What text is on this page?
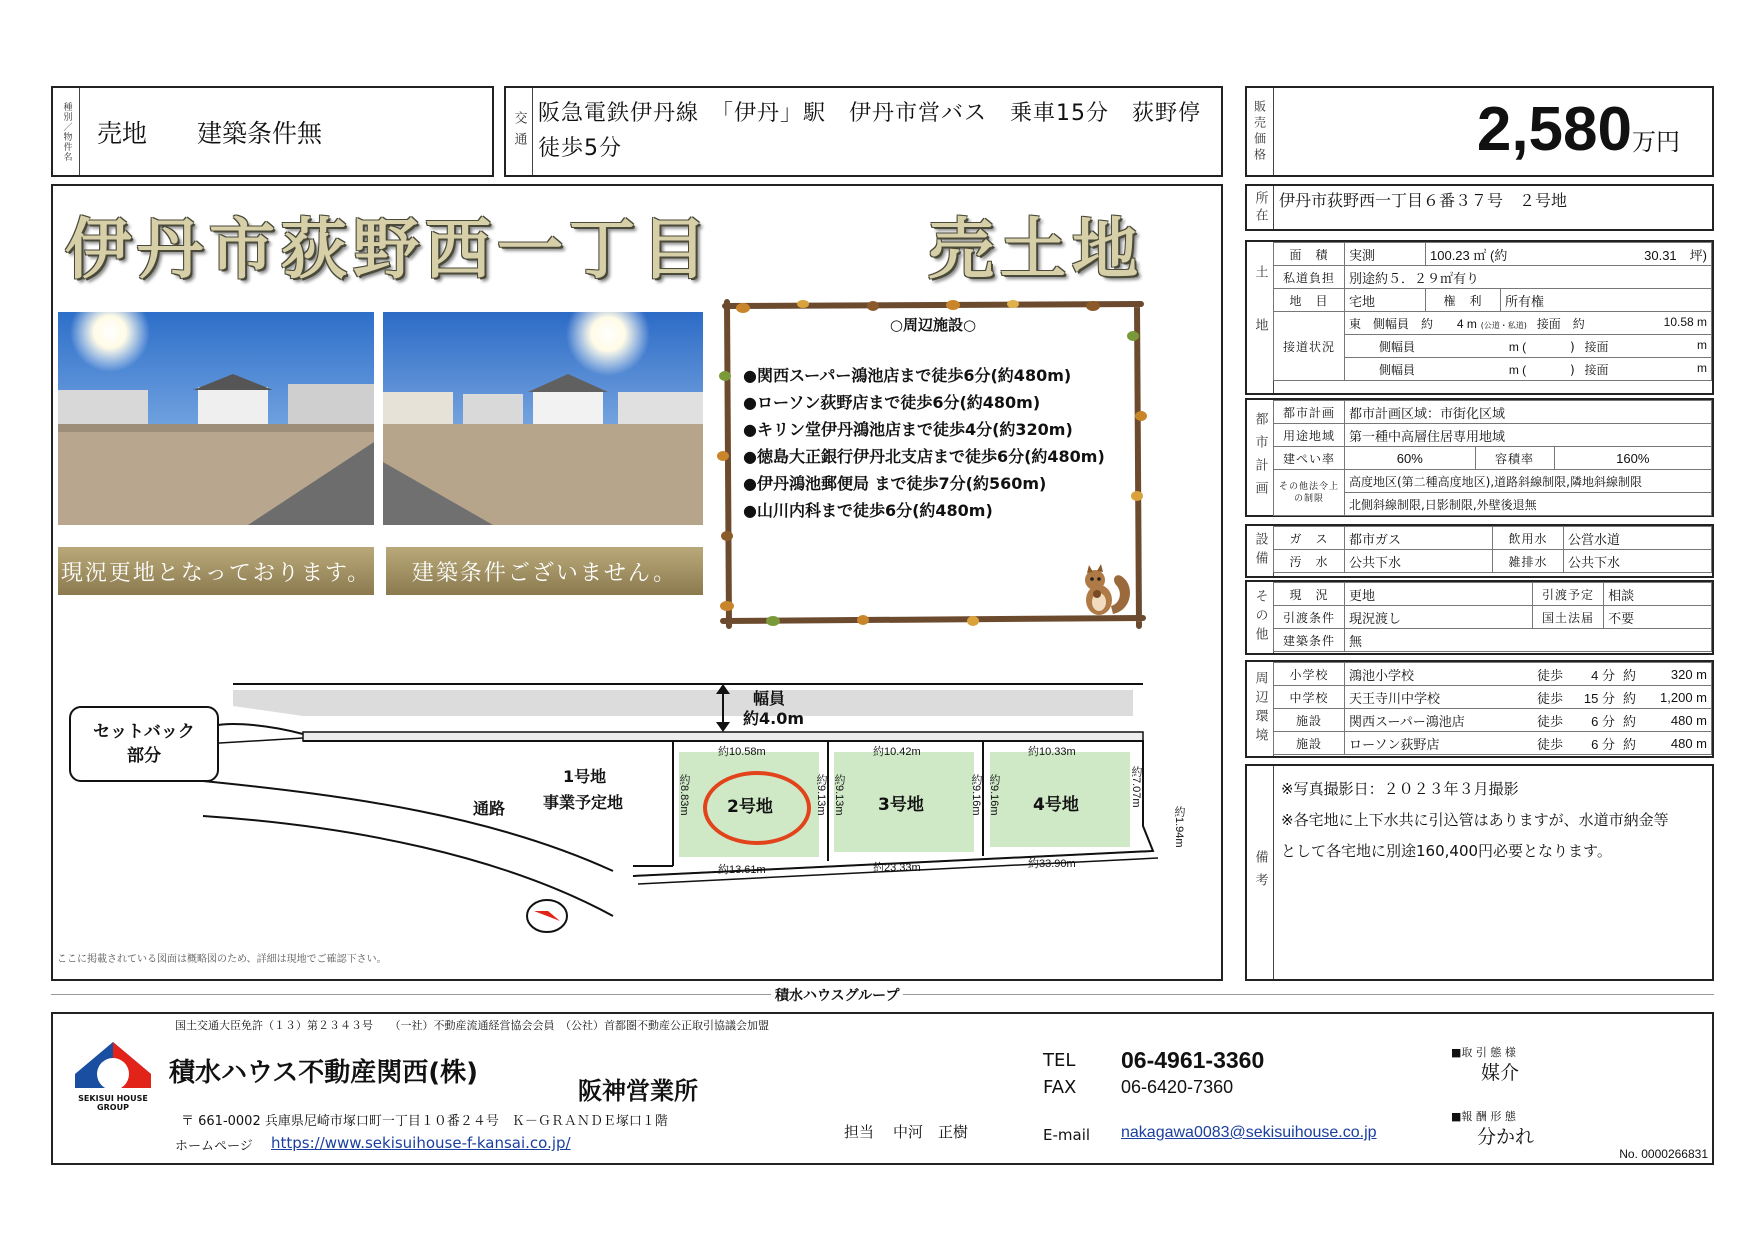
種別／物件名	売地　　建築条件無	交通 阪急電鉄伊丹線　「伊丹」駅　伊丹市営バス　乗車15分　荻野停　徒歩5分	販売価格	2,580 万円
伊丹市荻野西一丁目	売土地
現況更地となっております。	建築条件ございません。
○周辺施設○
●関西スーパー鴻池店まで徒歩6分(約480m)
●ローソン荻野店まで徒歩6分(約480m)
●キリン堂伊丹鴻池店まで徒歩4分(約320m)
●徳島大正銀行伊丹北支店まで徒歩6分(約480m)
●伊丹鴻池郵便局 まで徒歩7分(約560m)
●山川内科まで徒歩6分(約480m)
幅員
約4.0m
セットバック
部分
通路
1号地
事業予定地	2号地	3号地	4号地
約10.58m
約13.61m
約8.83m	約9.13m
約10.42m
約23.33m
約9.13m	約9.16m
約10.33m
約33.90m
約9.16m	約7.07m
約1.94m
ここに掲載されている図面は概略図のため、詳細は現地でご確認下さい。
所在 伊丹市荻野西一丁目６番３７号　２号地
土地
面　積	実測	100.23 ㎡ (約 30.31　坪)	

私道負担	別途約５．２９㎡有り		
地　目	宅地	権　利	所有権
接道状況	東　側幅員　約 4 m (公道・私道) 接面　約 10.58 m		

	側幅員 m ( ) 接面 m		

	側幅員 m ( ) 接面 m		
都市計画	都市計画	都市計画区域：市街化区域		
用途地域	第一種中高層住居専用地域		
建ぺい率	60%	容積率	160%
その他法令上の制限	高度地区(第二種高度地区),道路斜線制限,隣地斜線制限		
	北側斜線制限,日影制限,外壁後退無		
設備	ガ　ス	都市ガス	飲用水	公営水道
汚　水	公共下水	雑排水	公共下水
その他	現　況	更地	引渡予定	相談
引渡条件	現況渡し	国土法届	不要
建築条件	無		
周辺環境	小学校	鴻池小学校	徒歩	4 分	約	320 m
中学校	天王寺川中学校	徒歩	15 分	約	1,200 m
施設	関西スーパー鴻池店	徒歩	6 分	約	480 m
施設	ローソン荻野店	徒歩	6 分	約	480 m
備考
※写真撮影日：２０２３年３月撮影
※各宅地に上下水共に引込管はありますが、水道市納金等
として各宅地に別途160,400円必要となります。
積水ハウスグループ
国土交通大臣免許（１３）第２３４３号　　（一社）不動産流通経営協会会員　（公社）首都圏不動産公正取引協議会加盟
SEKISUI HOUSE
GROUP
積水ハウス不動産関西(株)
阪神営業所
〒 661-0002 兵庫県尼崎市塚口町一丁目１０番２４号　Ｋ－ＧＲＡＮＤＥ塚口１階
ホームページ https://www.sekisuihouse-f-kansai.co.jp/
担当 中河　正樹
TEL 06-4961-3360
FAX 06-6420-7360
E-mail nakagawa0083@sekisuihouse.co.jp
■取 引 態 様
媒介
■報 酬 形 態
分かれ
No. 0000266831
